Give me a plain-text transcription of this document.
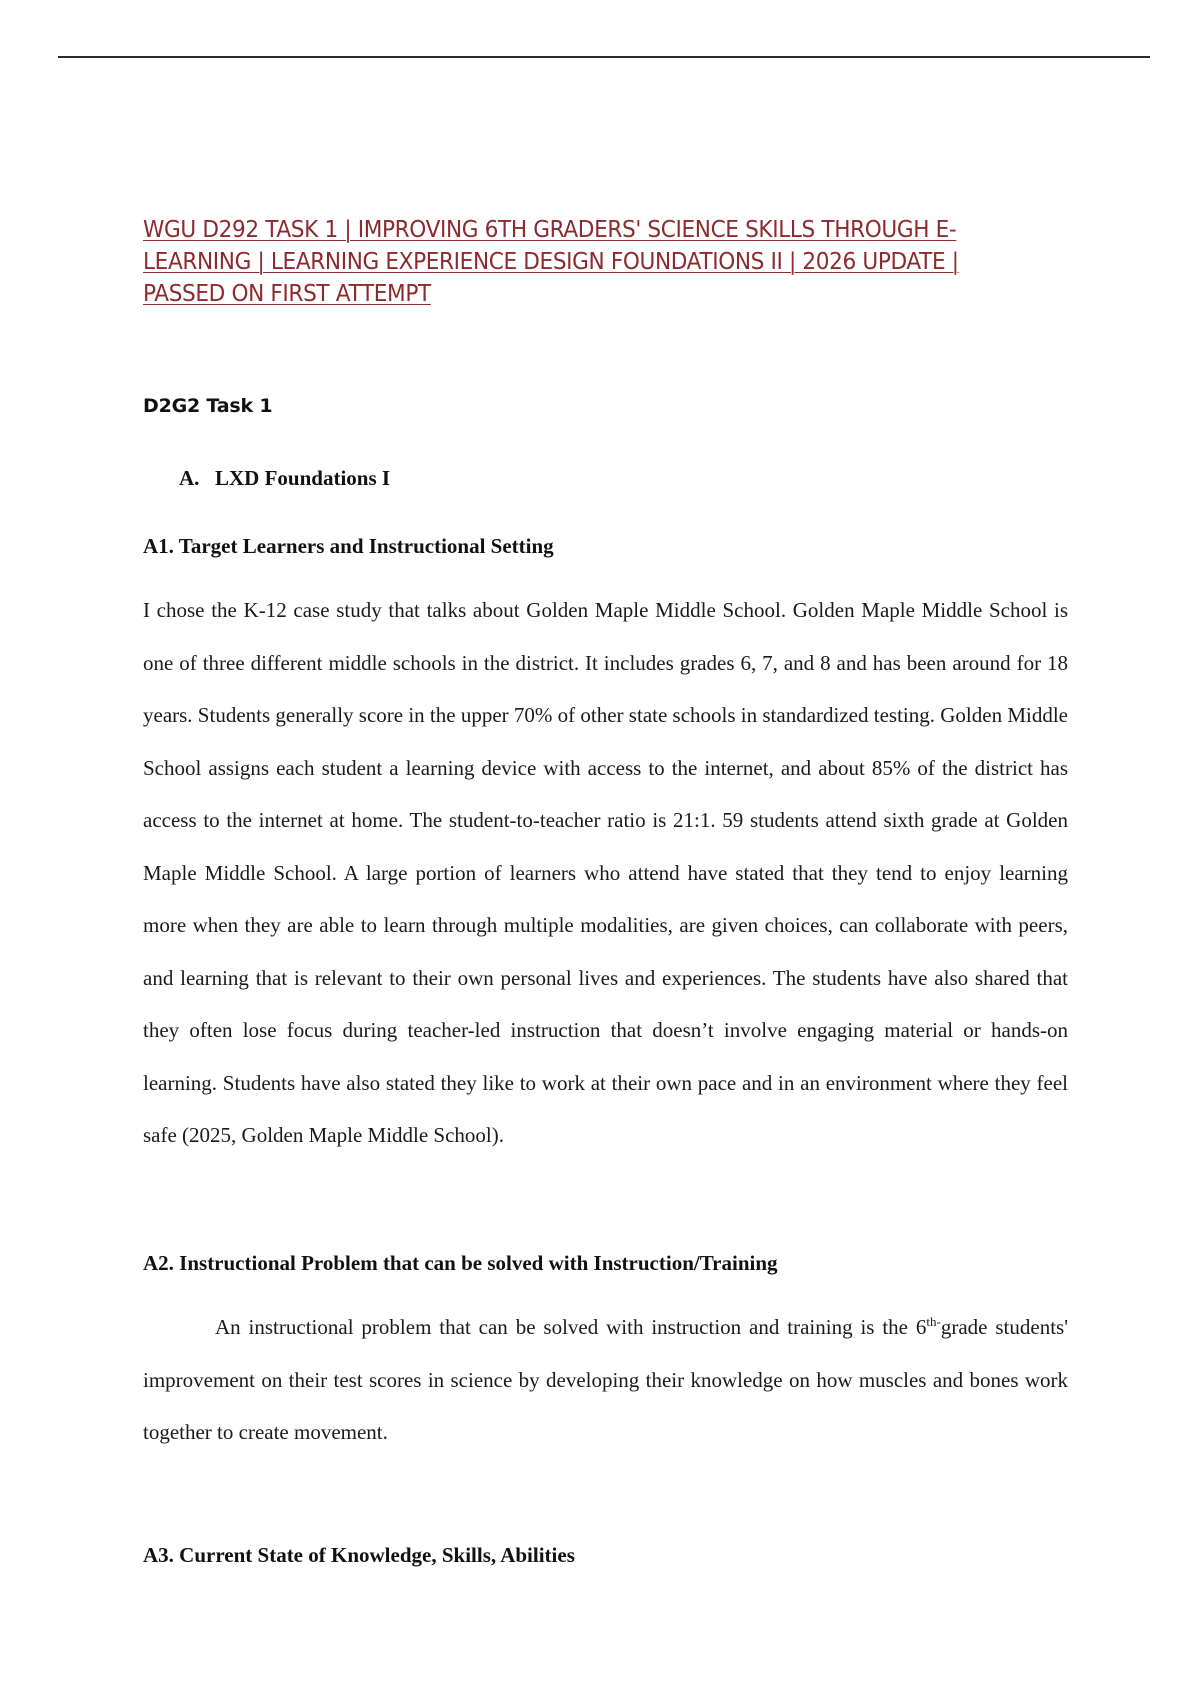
WGU D292 TASK 1 | IMPROVING 6TH GRADERS' SCIENCE SKILLS THROUGH E-LEARNING | LEARNING EXPERIENCE DESIGN FOUNDATIONS II | 2026 UPDATE | PASSED ON FIRST ATTEMPT

D2G2 Task 1

A. LXD Foundations I

A1. Target Learners and Instructional Setting

I chose the K-12 case study that talks about Golden Maple Middle School. Golden Maple Middle School is one of three different middle schools in the district. It includes grades 6, 7, and 8 and has been around for 18 years. Students generally score in the upper 70% of other state schools in standardized testing. Golden Middle School assigns each student a learning device with access to the internet, and about 85% of the district has access to the internet at home. The student-to-teacher ratio is 21:1. 59 students attend sixth grade at Golden Maple Middle School. A large portion of learners who attend have stated that they tend to enjoy learning more when they are able to learn through multiple modalities, are given choices, can collaborate with peers, and learning that is relevant to their own personal lives and experiences. The students have also shared that they often lose focus during teacher-led instruction that doesn’t involve engaging material or hands-on learning. Students have also stated they like to work at their own pace and in an environment where they feel safe (2025, Golden Maple Middle School).

A2. Instructional Problem that can be solved with Instruction/Training

An instructional problem that can be solved with instruction and training is the $6^{th-}grade$ students' improvement on their test scores in science by developing their knowledge on how muscles and bones work together to create movement.

A3. Current State of Knowledge, Skills, Abilities
